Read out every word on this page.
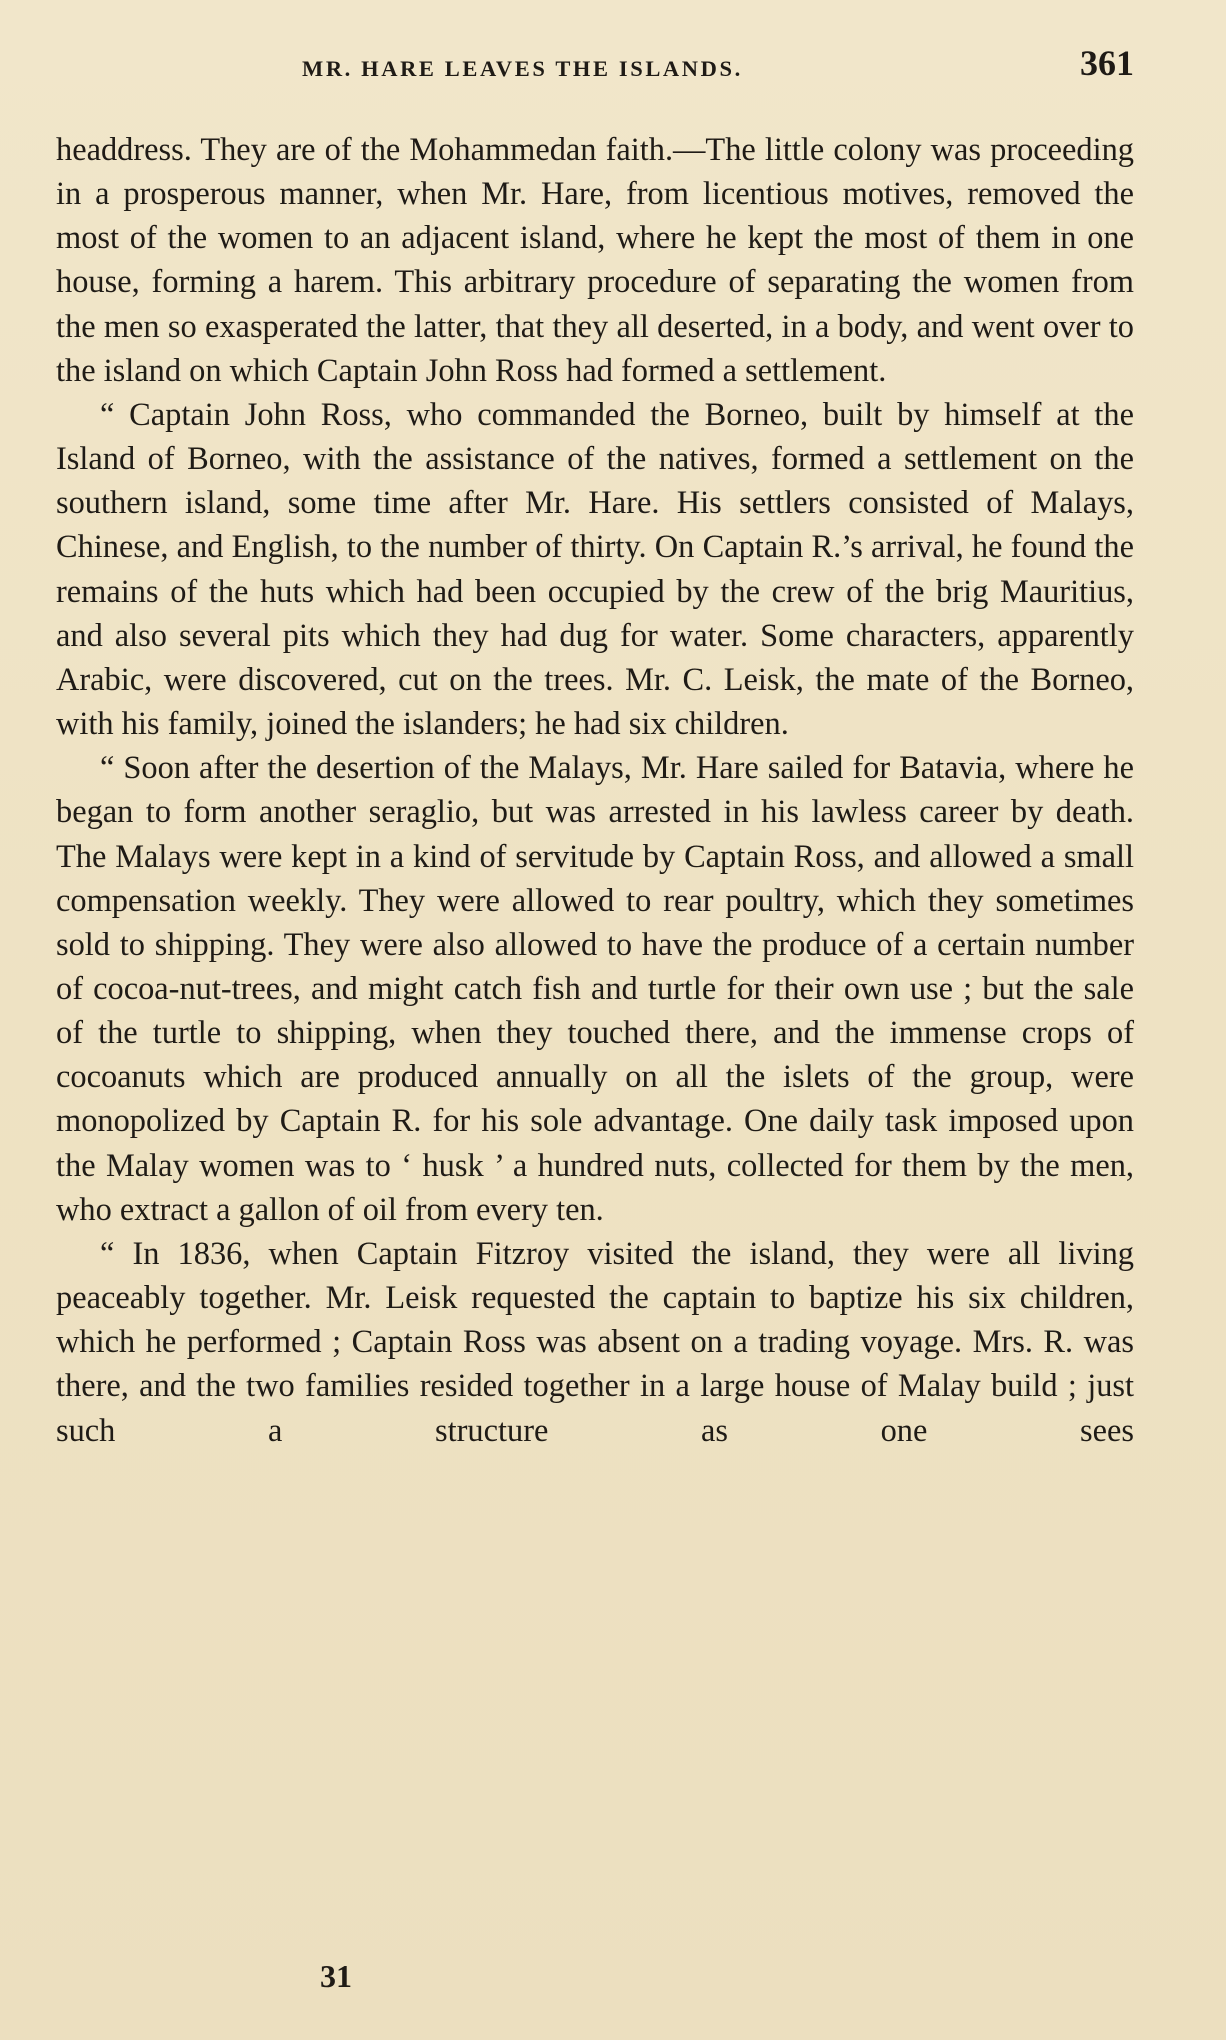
MR. HARE LEAVES THE ISLANDS.	361

headdress. They are of the Mohammedan faith.—The little colony was proceeding in a prosperous manner, when Mr. Hare, from licentious motives, removed the most of the women to an adjacent island, where he kept the most of them in one house, forming a harem. This arbitrary procedure of separating the women from the men so exasperated the latter, that they all deserted, in a body, and went over to the island on which Captain John Ross had formed a settlement.

“ Captain John Ross, who commanded the Borneo, built by himself at the Island of Borneo, with the assistance of the natives, formed a settlement on the southern island, some time after Mr. Hare. His settlers consisted of Malays, Chinese, and English, to the number of thirty. On Captain R.’s arrival, he found the remains of the huts which had been occupied by the crew of the brig Mauritius, and also several pits which they had dug for water. Some characters, apparently Arabic, were discovered, cut on the trees. Mr. C. Leisk, the mate of the Borneo, with his family, joined the islanders; he had six children.

“ Soon after the desertion of the Malays, Mr. Hare sailed for Batavia, where he began to form another seraglio, but was arrested in his lawless career by death. The Malays were kept in a kind of servitude by Captain Ross, and allowed a small compensation weekly. They were allowed to rear poultry, which they sometimes sold to shipping. They were also allowed to have the produce of a certain number of cocoa-nut-trees, and might catch fish and turtle for their own use ; but the sale of the turtle to shipping, when they touched there, and the immense crops of cocoanuts which are produced annually on all the islets of the group, were monopolized by Captain R. for his sole advantage. One daily task imposed upon the Malay women was to ‘ husk ’ a hundred nuts, collected for them by the men, who extract a gallon of oil from every ten.

“ In 1836, when Captain Fitzroy visited the island, they were all living peaceably together. Mr. Leisk requested the captain to baptize his six children, which he performed ; Captain Ross was absent on a trading voyage. Mrs. R. was there, and the two families resided together in a large house of Malay build ; just such a structure as one sees

31
